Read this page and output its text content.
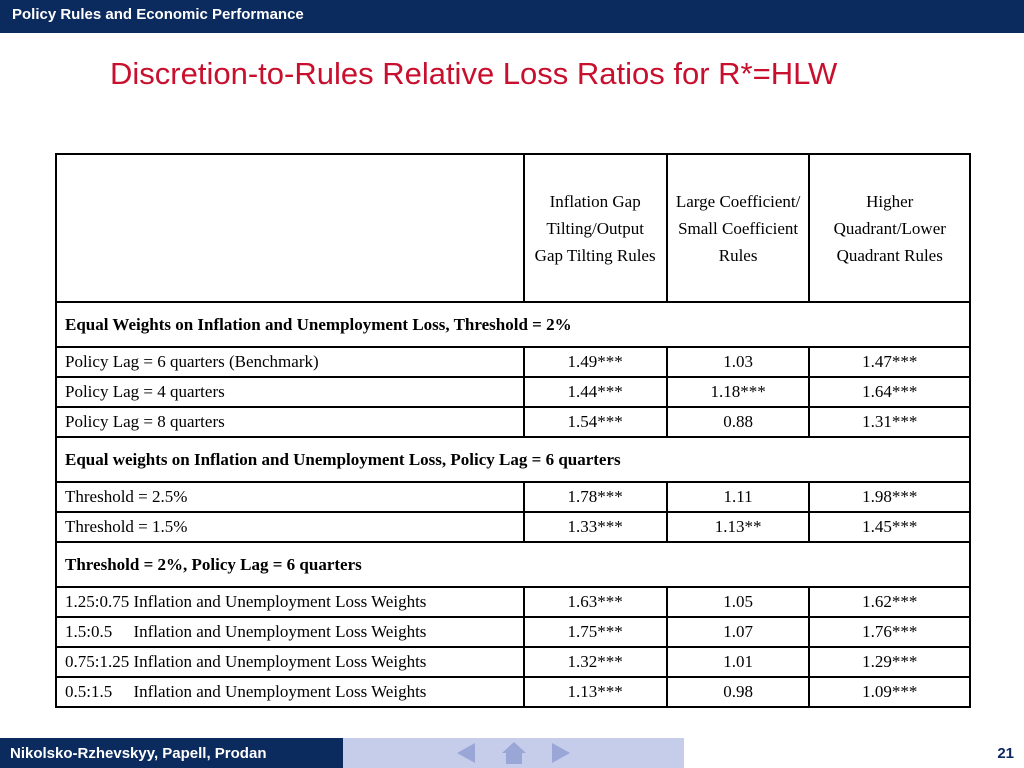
Policy Rules and Economic Performance
Discretion-to-Rules Relative Loss Ratios for R*=HLW
	Inflation Gap Tilting/Output Gap Tilting Rules	Large Coefficient/ Small Coefficient Rules	Higher Quadrant/Lower Quadrant Rules
Equal Weights on Inflation and Unemployment Loss, Threshold = 2%			
Policy Lag = 6 quarters (Benchmark)	1.49***	1.03	1.47***
Policy Lag = 4 quarters	1.44***	1.18***	1.64***
Policy Lag = 8 quarters	1.54***	0.88	1.31***
Equal weights on Inflation and Unemployment Loss, Policy Lag = 6 quarters			
Threshold = 2.5%	1.78***	1.11	1.98***
Threshold = 1.5%	1.33***	1.13**	1.45***
Threshold = 2%, Policy Lag = 6 quarters			
1.25:0.75 Inflation and Unemployment Loss Weights	1.63***	1.05	1.62***
1.5:0.5     Inflation and Unemployment Loss Weights	1.75***	1.07	1.76***
0.75:1.25 Inflation and Unemployment Loss Weights	1.32***	1.01	1.29***
0.5:1.5     Inflation and Unemployment Loss Weights	1.13***	0.98	1.09***
Nikolsko-Rzhevskyy, Papell, Prodan	21
